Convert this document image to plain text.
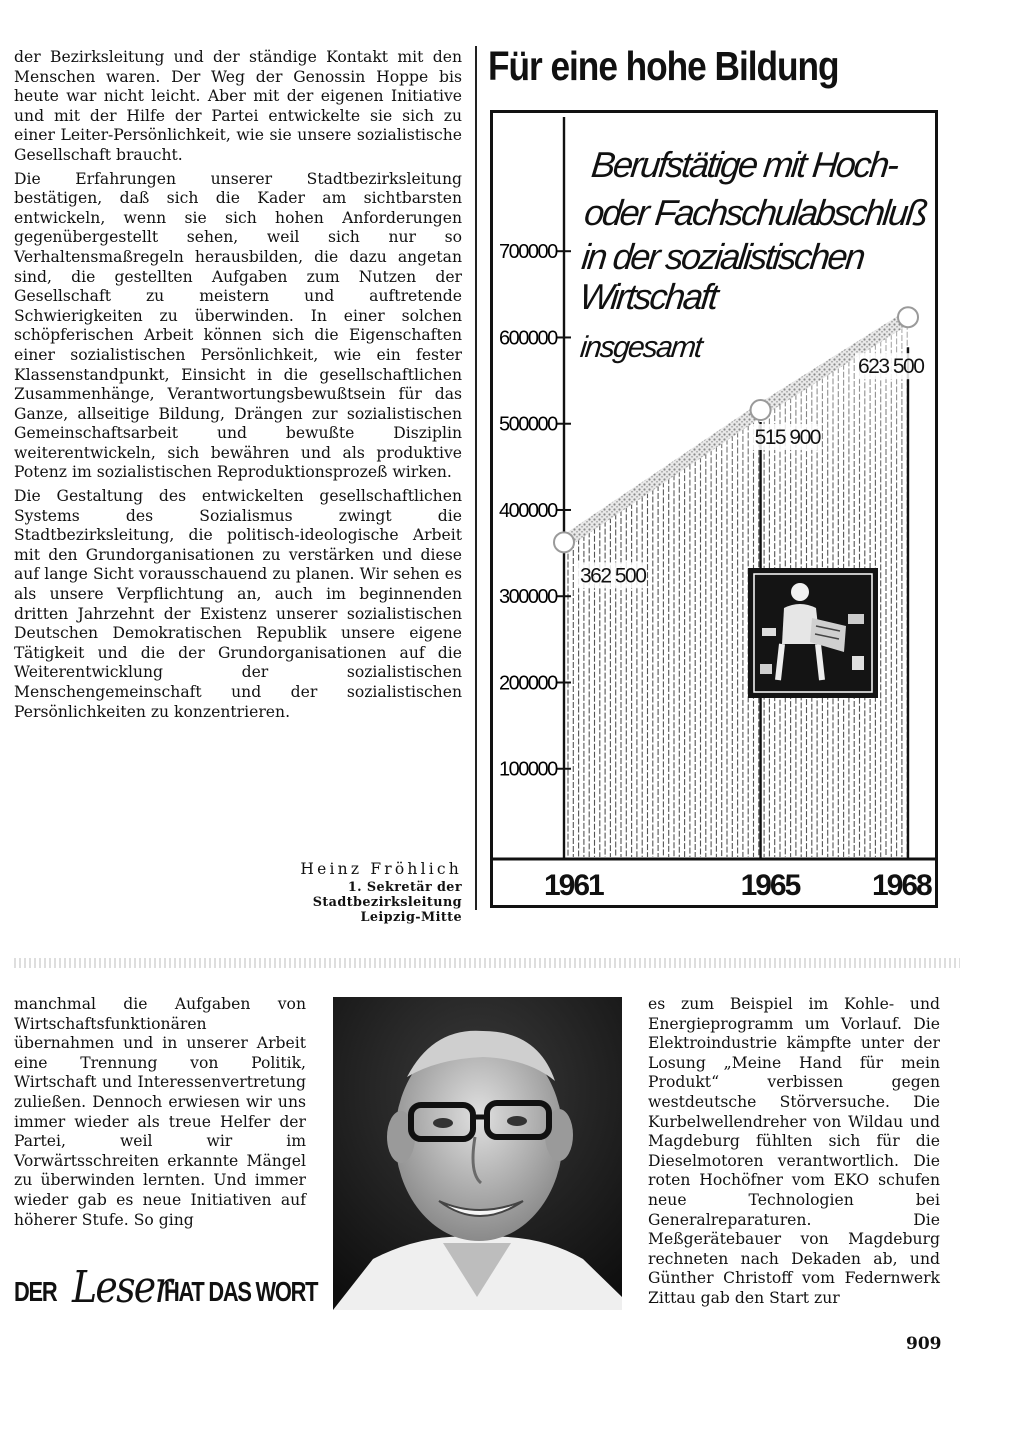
der Bezirksleitung und der ständige Kontakt mit den Menschen waren. Der Weg der Genossin Hoppe bis heute war nicht leicht. Aber mit der eigenen Initiative und mit der Hilfe der Partei entwickelte sie sich zu einer Leiter-Persönlichkeit, wie sie unsere sozialistische Gesellschaft braucht.

Die Erfahrungen unserer Stadtbezirksleitung bestätigen, daß sich die Kader am sichtbarsten entwickeln, wenn sie sich hohen Anforderungen gegenübergestellt sehen, weil sich nur so Verhaltensmaßregeln herausbilden, die dazu angetan sind, die gestellten Aufgaben zum Nutzen der Gesellschaft zu meistern und auftretende Schwierigkeiten zu überwinden. In einer solchen schöpferischen Arbeit können sich die Eigenschaften einer sozialistischen Persönlichkeit, wie ein fester Klassenstandpunkt, Einsicht in die gesellschaftlichen Zusammenhänge, Verantwortungsbewußtsein für das Ganze, allseitige Bildung, Drängen zur sozialistischen Gemeinschaftsarbeit und bewußte Disziplin weiterentwickeln, sich bewähren und als produktive Potenz im sozialistischen Reproduktionsprozeß wirken.

Die Gestaltung des entwickelten gesellschaftlichen Systems des Sozialismus zwingt die Stadtbezirksleitung, die politisch-ideologische Arbeit mit den Grundorganisationen zu verstärken und diese auf lange Sicht vorausschauend zu planen. Wir sehen es als unsere Verpflichtung an, auch im beginnenden dritten Jahrzehnt der Existenz unserer sozialistischen Deutschen Demokratischen Republik unsere eigene Tätigkeit und die der Grundorganisationen auf die Weiterentwicklung der sozialistischen Menschengemeinschaft und der sozialistischen Persönlichkeiten zu konzentrieren.

Heinz Fröhlich
1. Sekretär der Stadtbezirksleitung
Leipzig-Mitte
Für eine hohe Bildung
100000
200000
300000
400000
500000
600000
700000
Berufstätige mit Hoch-
oder Fachschulabschluß
in der sozialistischen
Wirtschaft
insgesamt
362 500
515 900
623 500
1961	1965 1968

manchmal die Aufgaben von Wirtschaftsfunktionären übernahmen und in unserer Arbeit eine Trennung von Politik, Wirtschaft und Interessenvertretung zuließen. Dennoch erwiesen wir uns immer wieder als treue Helfer der Partei, weil wir im Vorwärtsschreiten erkannte Mängel zu überwinden lernten. Und immer wieder gab es neue Initiativen auf höherer Stufe. So ging

es zum Beispiel im Kohle- und Energieprogramm um Vorlauf. Die Elektroindustrie kämpfte unter der Losung „Meine Hand für mein Produkt“ verbissen gegen westdeutsche Störversuche. Die Kurbelwellendreher von Wildau und Magdeburg fühlten sich für die Dieselmotoren verantwortlich. Die roten Hochöfner vom EKO schufen neue Technologien bei Generalreparaturen. Die Meßgerätebauer von Magdeburg rechneten nach Dekaden ab, und Günther Christoff vom Federnwerk Zittau gab den Start zur

DER Leser
HAT DAS WORT
909
